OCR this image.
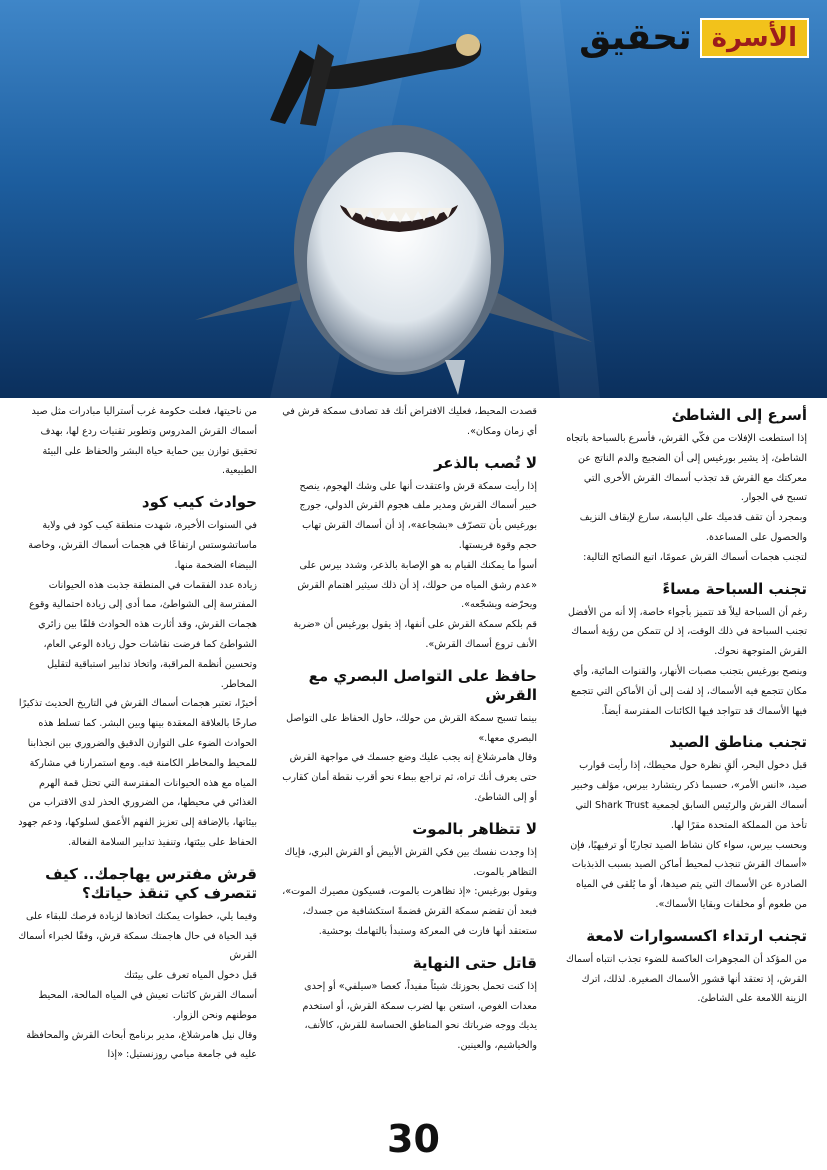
الأسرة
تحقيق
أسرع إلى الشاطئ

إذا استطعت الإفلات من فكّي القرش، فأسرع بالسباحة باتجاه الشاطئ، إذ يشير بورغيس إلى أن الضجيج والدم الناتج عن معركتك مع القرش قد تجذب أسماك القرش الأخرى التي تسبح في الجوار.

وبمجرد أن تقف قدميك على اليابسة، سارع لإيقاف النزيف والحصول على المساعدة.

لتجنب هجمات أسماك القرش عمومًا، اتبع النصائح التالية:

تجنب السباحة مساءً

رغم أن السباحة ليلاً قد تتميز بأجواء خاصة، إلا أنه من الأفضل تجنب السباحة في ذلك الوقت، إذ لن تتمكن من رؤية أسماك القرش المتوجهة نحوك.

وينصح بورغيس بتجنب مصبات الأنهار، والقنوات المائية، وأي مكان تتجمع فيه الأسماك، إذ لفت إلى أن الأماكن التي تتجمع فيها الأسماك قد تتواجد فيها الكائنات المفترسة أيضاً.

تجنب مناطق الصيد

قبل دخول البحر، ألقِ نظرة حول محيطك، إذا رأيت قوارب صيد، «انس الأمر»، حسبما ذكر ريتشارد بيرس، مؤلف وخبير أسماك القرش والرئيس السابق لجمعية Shark Trust التي تأخذ من المملكة المتحدة مقرًا لها.

وبحسب بيرس، سواء كان نشاط الصيد تجاريًا أو ترفيهيًا، فإن «أسماك القرش تنجذب لمحيط أماكن الصيد بسبب الذبذبات الصادرة عن الأسماك التي يتم صيدها، أو ما يُلقى في المياه من طعوم أو مخلفات وبقايا الأسماك».

تجنب ارتداء اكسسوارات لامعة

من المؤكد أن المجوهرات العاكسة للضوء تجذب انتباه أسماك القرش، إذ تعتقد أنها قشور الأسماك الصغيرة. لذلك، اترك الزينة اللامعة على الشاطئ.

قصدت المحيط، فعليك الافتراض أنك قد تصادف سمكة قرش في أي زمان ومكان».

لا تُصب بالذعر

إذا رأيت سمكة قرش واعتقدت أنها على وشك الهجوم، ينصح خبير أسماك القرش ومدير ملف هجوم القرش الدولي، جورج بورغيس بأن تتصرّف «بشجاعة»، إذ أن أسماك القرش تهاب حجم وقوة فريستها.

أسوأ ما يمكنك القيام به هو الإصابة بالذعر، وشدد بيرس على «عدم رشق المياه من حولك، إذ أن ذلك سيثير اهتمام القرش ويحرّضه ويشجّعه».

قم بلكم سمكة القرش على أنفها، إذ يقول بورغيس أن «ضربة الأنف تروع أسماك القرش».

حافظ على التواصل البصري مع القرش

بينما تسبح سمكة القرش من حولك، حاول الحفاظ على التواصل البصري معها.»

وقال هامرشلاغ إنه يجب عليك وضع جسمك في مواجهة القرش حتى يعرف أنك تراه، ثم تراجع ببطء نحو أقرب نقطة أمان كقارب أو إلى الشاطئ.

لا تتظاهر بالموت

إذا وجدت نفسك بين فكي القرش الأبيض أو القرش البري، فإياك التظاهر بالموت.

ويقول بورغيس: «إذ تظاهرت بالموت، فسيكون مصيرك الموت»، فبعد أن تقضم سمكة القرش قضمةً استكشافية من جسدك، ستعتقد أنها فازت في المعركة وستبدأ بالتهامك بوحشية.

قاتل حتى النهاية

إذا كنت تحمل بحوزتك شيئاً مفيداً، كعصا «سيلفي» أو إحدى معدات الغوص، استعن بها لضرب سمكة القرش، أو استخدم يديك ووجه ضرباتك نحو المناطق الحساسة للقرش، كالأنف، والخياشيم، والعينين.

من ناحيتها، فعلت حكومة غرب أستراليا مبادرات مثل صيد أسماك القرش المدروس وتطوير تقنيات ردع لها، بهدف تحقيق توازن بين حماية حياة البشر والحفاظ على البيئة الطبيعية.

حوادث كيب كود

في السنوات الأخيرة، شهدت منطقة كيب كود في ولاية ماساتشوستس ارتفاعًا في هجمات أسماك القرش، وخاصة البيضاء الضخمة منها.

زيادة عدد الفقمات في المنطقة جذبت هذه الحيوانات المفترسة إلى الشواطئ، مما أدى إلى زيادة احتمالية وقوع هجمات القرش، وقد أثارت هذه الحوادث قلقًا بين زائري الشواطئ كما فرضت نقاشات حول زيادة الوعي العام، وتحسين أنظمة المراقبة، واتخاذ تدابير استباقية لتقليل المخاطر.

أخيرًا، تعتبر هجمات أسماك القرش في التاريخ الحديث تذكيرًا صارخًا بالعلاقة المعقدة بينها وبين البشر. كما تسلط هذه الحوادث الضوء على التوازن الدقيق والضروري بين انجذابنا للمحيط والمخاطر الكامنة فيه. ومع استمرارنا في مشاركة المياه مع هذه الحيوانات المفترسة التي تحتل قمة الهرم الغذائي في محيطها، من الضروري الحذر لدى الاقتراب من بيئاتها، بالإضافة إلى تعزيز الفهم الأعمق لسلوكها، ودعم جهود الحفاظ على بيئتها، وتنفيذ تدابير السلامة الفعالة.

قرش مفترس يهاجمك.. كيف تتصرف كي تنقذ حياتك؟

وفيما يلي، خطوات يمكنك اتخاذها لزيادة فرصك للبقاء على قيد الحياة في حال هاجمتك سمكة قرش، وفقًا لخبراء أسماك القرش

قبل دخول المياه تعرف على بيئتك

أسماك القرش كائنات تعيش في المياه المالحة، المحيط موطنهم ونحن الزوار.

وقال نيل هامرشلاغ، مدير برنامج أبحاث القرش والمحافظة عليه في جامعة ميامي روزنستيل: «إذا

30
